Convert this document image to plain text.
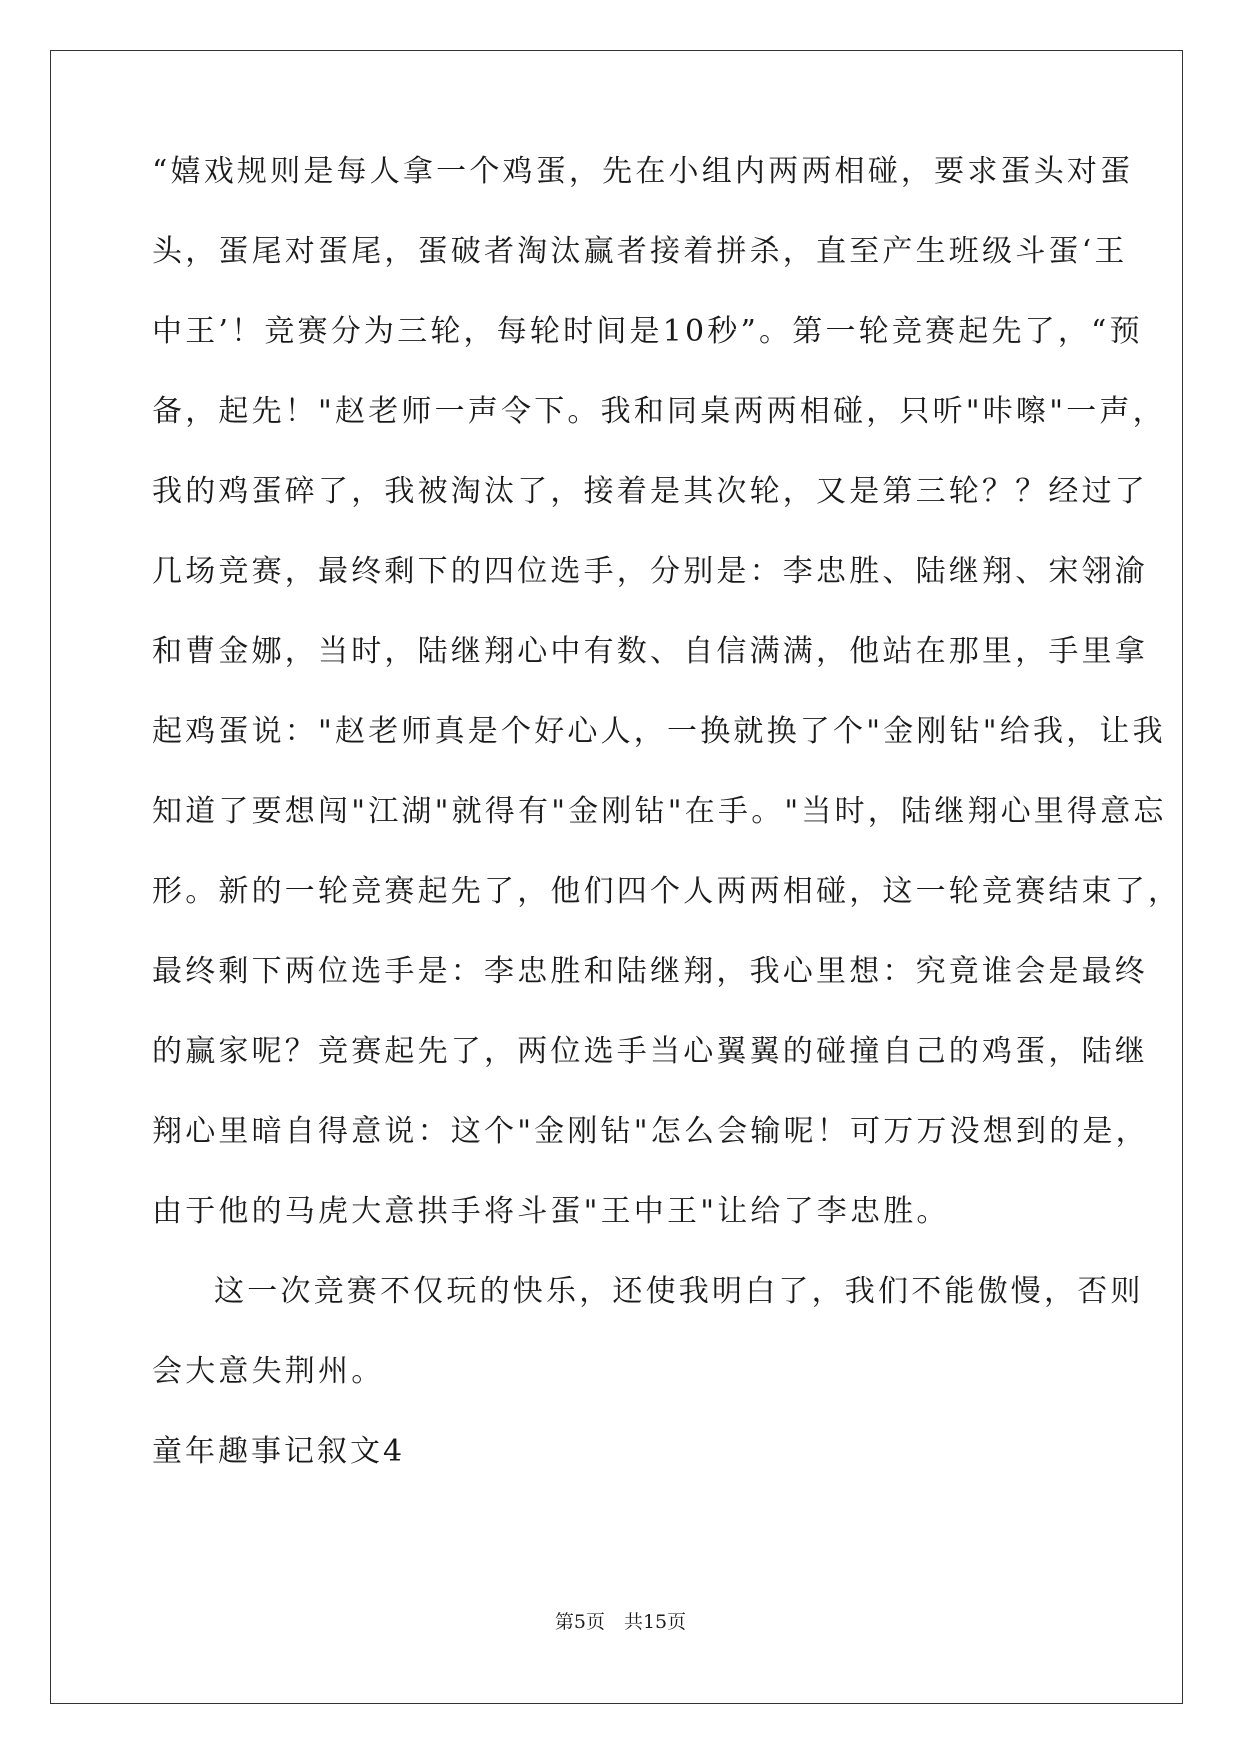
“嬉戏规则是每人拿一个鸡蛋，先在小组内两两相碰，要求蛋头对蛋
头，蛋尾对蛋尾，蛋破者淘汰赢者接着拼杀，直至产生班级斗蛋‘王
中王’！竞赛分为三轮，每轮时间是10秒”。第一轮竞赛起先了，“预
备，起先！"赵老师一声令下。我和同桌两两相碰，只听"咔嚓"一声，
我的鸡蛋碎了，我被淘汰了，接着是其次轮，又是第三轮？？经过了
几场竞赛，最终剩下的四位选手，分别是：李忠胜、陆继翔、宋翎渝
和曹金娜，当时，陆继翔心中有数、自信满满，他站在那里，手里拿
起鸡蛋说："赵老师真是个好心人，一换就换了个"金刚钻"给我，让我
知道了要想闯"江湖"就得有"金刚钻"在手。"当时，陆继翔心里得意忘
形。新的一轮竞赛起先了，他们四个人两两相碰，这一轮竞赛结束了，
最终剩下两位选手是：李忠胜和陆继翔，我心里想：究竟谁会是最终
的赢家呢？竞赛起先了，两位选手当心翼翼的碰撞自己的鸡蛋，陆继
翔心里暗自得意说：这个"金刚钻"怎么会输呢！可万万没想到的是，
由于他的马虎大意拱手将斗蛋"王中王"让给了李忠胜。
这一次竞赛不仅玩的快乐，还使我明白了，我们不能傲慢，否则
会大意失荆州。
童年趣事记叙文4
第5页　共15页
